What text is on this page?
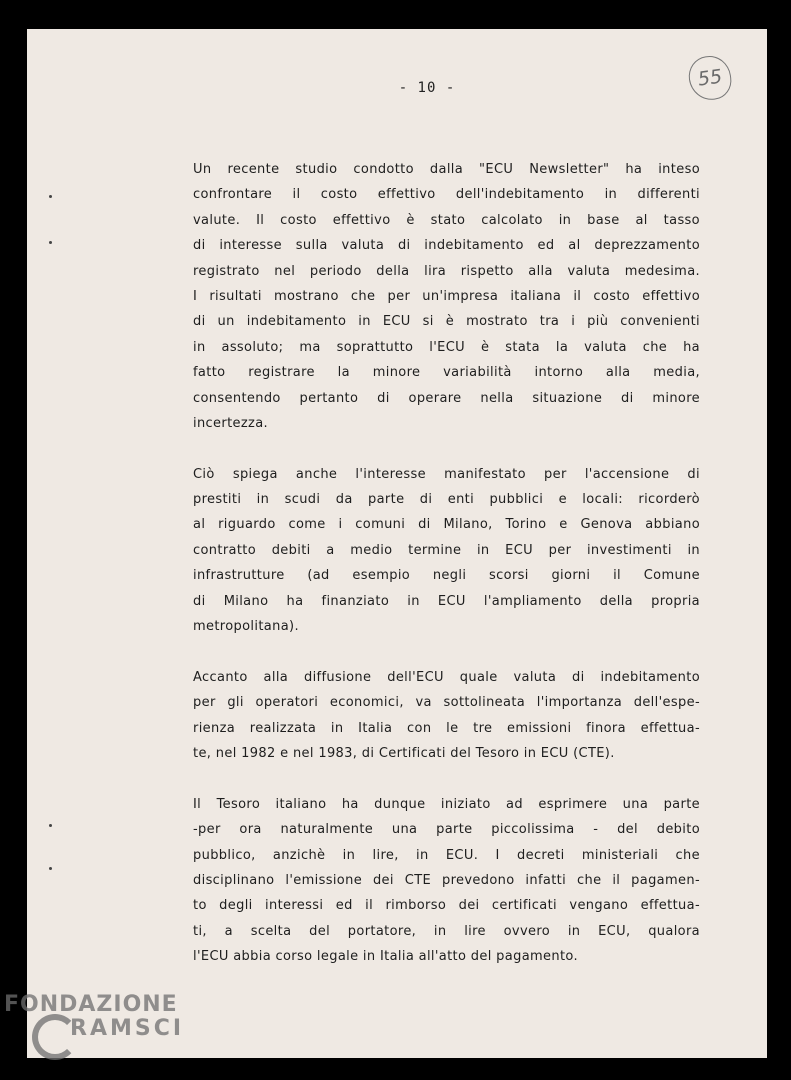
- 10 -	55
Un recente studio condotto dalla "ECU Newsletter" ha inteso
confrontare il costo effettivo dell'indebitamento in differenti
valute. Il costo effettivo è stato calcolato in base al tasso
di interesse sulla valuta di indebitamento ed al deprezzamento
registrato nel periodo della lira rispetto alla valuta medesima.
I risultati mostrano che per un'impresa italiana il costo effettivo
di un indebitamento in ECU si è mostrato tra i più convenienti
in assoluto; ma soprattutto l'ECU è stata la valuta che ha
fatto registrare la minore variabilità intorno alla media,
consentendo pertanto di operare nella situazione di minore
incertezza.
Ciò spiega anche l'interesse manifestato per l'accensione di
prestiti in scudi da parte di enti pubblici e locali: ricorderò
al riguardo come i comuni di Milano, Torino e Genova abbiano
contratto debiti a medio termine in ECU per investimenti in
infrastrutture (ad esempio negli scorsi giorni il Comune
di Milano ha finanziato in ECU l'ampliamento della propria
metropolitana).
Accanto alla diffusione dell'ECU quale valuta di indebitamento
per gli operatori economici, va sottolineata l'importanza dell'espe-
rienza realizzata in Italia con le tre emissioni finora effettua-
te, nel 1982 e nel 1983, di Certificati del Tesoro in ECU (CTE).
Il Tesoro italiano ha dunque iniziato ad esprimere una parte
-per ora naturalmente una parte piccolissima - del debito
pubblico, anzichè in lire, in ECU. I decreti ministeriali che
disciplinano l'emissione dei CTE prevedono infatti che il pagamen-
to degli interessi ed il rimborso dei certificati vengano effettua-
ti, a scelta del portatore, in lire ovvero in ECU, qualora
l'ECU abbia corso legale in Italia all'atto del pagamento.
FONDAZIONE
RAMSCI
